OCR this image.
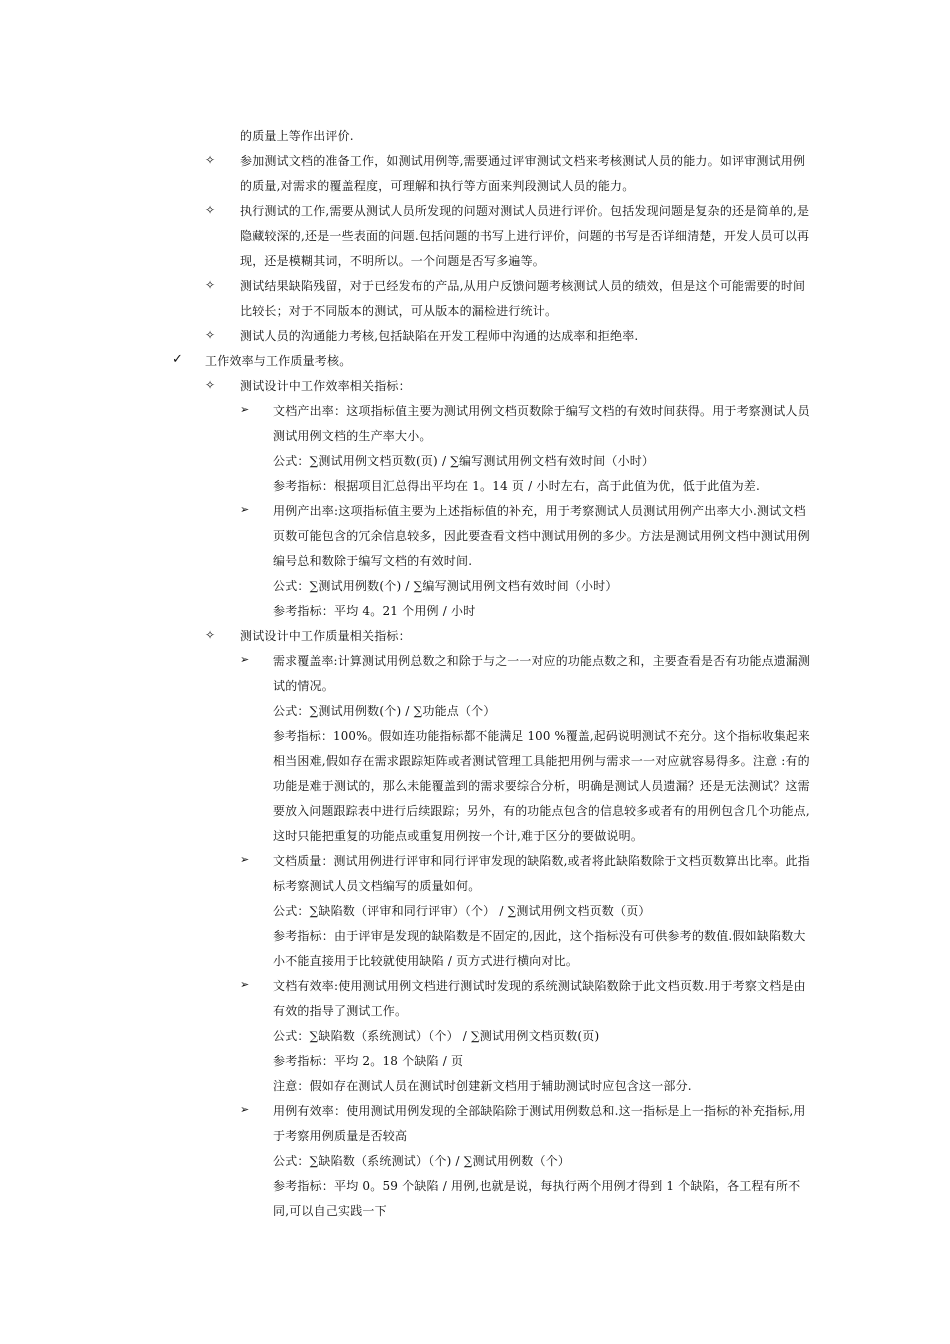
的质量上等作出评价.
✧ 参加测试文档的准备工作，如测试用例等,需要通过评审测试文档来考核测试人员的能力。如评审测试用例
的质量,对需求的覆盖程度，可理解和执行等方面来判段测试人员的能力。
✧ 执行测试的工作,需要从测试人员所发现的问题对测试人员进行评价。包括发现问题是复杂的还是简单的,是
隐藏较深的,还是一些表面的问题.包括问题的书写上进行评价，问题的书写是否详细清楚，开发人员可以再
现，还是模糊其词，不明所以。一个问题是否写多遍等。
✧ 测试结果缺陷残留，对于已经发布的产品,从用户反馈问题考核测试人员的绩效，但是这个可能需要的时间
比较长；对于不同版本的测试，可从版本的漏检进行统计。
✧ 测试人员的沟通能力考核,包括缺陷在开发工程师中沟通的达成率和拒绝率.
✓ 工作效率与工作质量考核。
✧ 测试设计中工作效率相关指标：
➢ 文档产出率：这项指标值主要为测试用例文档页数除于编写文档的有效时间获得。用于考察测试人员
测试用例文档的生产率大小。
公式：∑测试用例文档页数(页) / ∑编写测试用例文档有效时间（小时）
参考指标：根据项目汇总得出平均在 1。14 页 / 小时左右，高于此值为优，低于此值为差.
➢ 用例产出率:这项指标值主要为上述指标值的补充，用于考察测试人员测试用例产出率大小.测试文档
页数可能包含的冗余信息较多，因此要查看文档中测试用例的多少。方法是测试用例文档中测试用例
编号总和数除于编写文档的有效时间.
公式：∑测试用例数(个) / ∑编写测试用例文档有效时间（小时）
参考指标：平均 4。21 个用例 / 小时
✧ 测试设计中工作质量相关指标：
➢ 需求覆盖率:计算测试用例总数之和除于与之一一对应的功能点数之和，主要查看是否有功能点遗漏测
试的情况。
公式：∑测试用例数(个) / ∑功能点（个）
参考指标：100%。假如连功能指标都不能满足 100 %覆盖,起码说明测试不充分。这个指标收集起来
相当困难,假如存在需求跟踪矩阵或者测试管理工具能把用例与需求一一对应就容易得多。注意 :有的
功能是难于测试的，那么未能覆盖到的需求要综合分析，明确是测试人员遗漏？还是无法测试？这需
要放入问题跟踪表中进行后续跟踪；另外，有的功能点包含的信息较多或者有的用例包含几个功能点,
这时只能把重复的功能点或重复用例按一个计,难于区分的要做说明。
➢ 文档质量：测试用例进行评审和同行评审发现的缺陷数,或者将此缺陷数除于文档页数算出比率。此指
标考察测试人员文档编写的质量如何。
公式：∑缺陷数（评审和同行评审）（个） / ∑测试用例文档页数（页）
参考指标：由于评审是发现的缺陷数是不固定的,因此，这个指标没有可供参考的数值.假如缺陷数大
小不能直接用于比较就使用缺陷 / 页方式进行横向对比。
➢ 文档有效率:使用测试用例文档进行测试时发现的系统测试缺陷数除于此文档页数.用于考察文档是由
有效的指导了测试工作。
公式：∑缺陷数（系统测试）（个） / ∑测试用例文档页数(页)
参考指标：平均 2。18 个缺陷 / 页
注意：假如存在测试人员在测试时创建新文档用于辅助测试时应包含这一部分.
➢ 用例有效率：使用测试用例发现的全部缺陷除于测试用例数总和.这一指标是上一指标的补充指标,用
于考察用例质量是否较高
公式：∑缺陷数（系统测试）（个) / ∑测试用例数（个）
参考指标：平均 0。59 个缺陷 / 用例,也就是说，每执行两个用例才得到 1 个缺陷，各工程有所不
同,可以自己实践一下
